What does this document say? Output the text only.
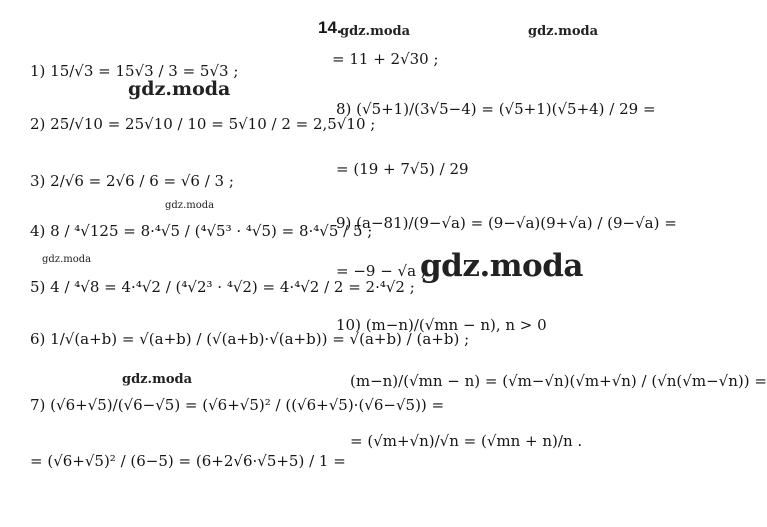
14.
gdz.moda	gdz.moda
gdz.moda
gdz.moda
gdz.moda
gdz.moda
gdz.moda
1) 15/√3 = 15√3 / 3 = 5√3 ;
2) 25/√10 = 25√10 / 10 = 5√10 / 2 = 2,5√10 ;
3) 2/√6 = 2√6 / 6 = √6 / 3 ;
4) 8 / ⁴√125 = 8·⁴√5 / (⁴√5³ · ⁴√5) = 8·⁴√5 / 5 ;
5) 4 / ⁴√8 = 4·⁴√2 / (⁴√2³ · ⁴√2) = 4·⁴√2 / 2 = 2·⁴√2 ;
6) 1/√(a+b) = √(a+b) / (√(a+b)·√(a+b)) = √(a+b) / (a+b) ;
7) (√6+√5)/(√6−√5) = (√6+√5)² / ((√6+√5)·(√6−√5)) =
= (√6+√5)² / (6−5) = (6+2√6·√5+5) / 1 =
= 11 + 2√30 ;
8) (√5+1)/(3√5−4) = (√5+1)(√5+4) / 29 =
= (19 + 7√5) / 29
9) (a−81)/(9−√a) = (9−√a)(9+√a) / (9−√a) =
= −9 − √a ;
10) (m−n)/(√mn − n), n > 0
(m−n)/(√mn − n) = (√m−√n)(√m+√n) / (√n(√m−√n)) =
= (√m+√n)/√n = (√mn + n)/n .
